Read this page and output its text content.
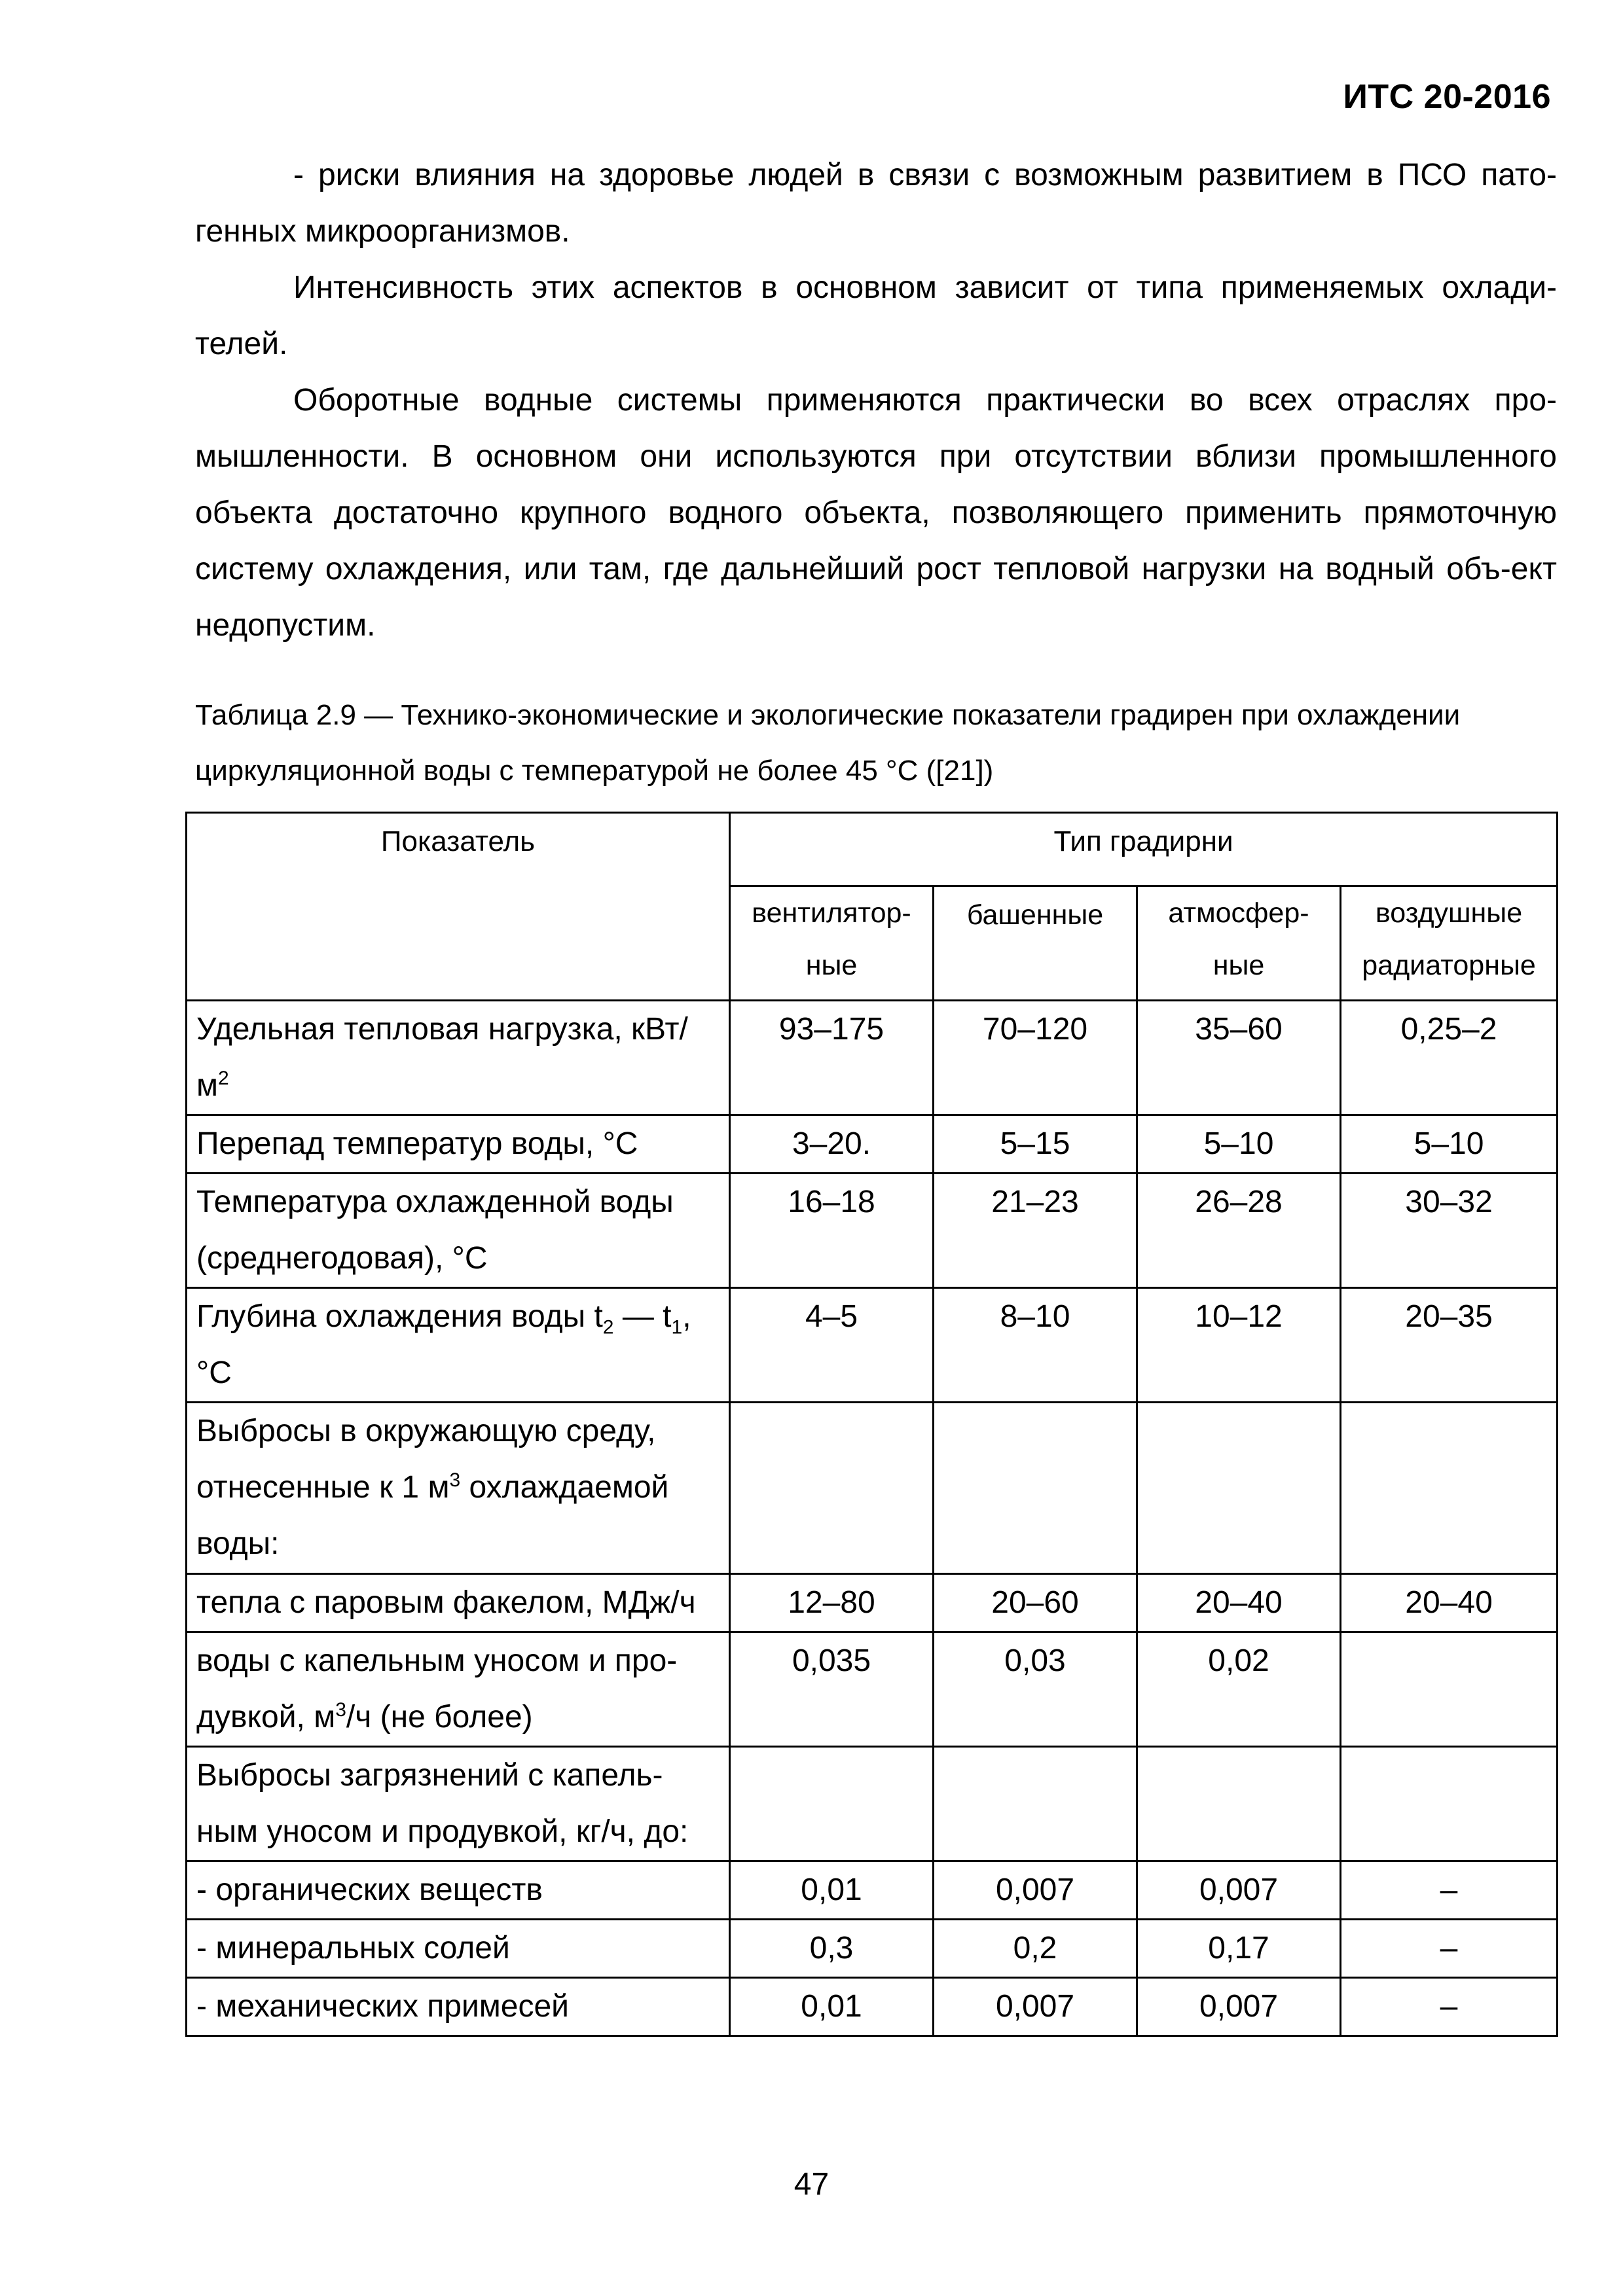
ИТС 20-2016
- риски влияния на здоровье людей в связи с возможным развитием в ПСО пато-генных микроорганизмов.
Интенсивность этих аспектов в основном зависит от типа применяемых охлади-телей.
Оборотные водные системы применяются практически во всех отраслях про-мышленности. В основном они используются при отсутствии вблизи промышленного объекта достаточно крупного водного объекта, позволяющего применить прямоточную систему охлаждения, или там, где дальнейший рост тепловой нагрузки на водный объ-ект недопустим.
Таблица 2.9 — Технико-экономические и экологические показатели градирен при охлаждении циркуляционной воды с температурой не более 45 °С ([21])
Показатель	Тип градирни			
	вентилятор-ные	башенные	атмосфер-ные	воздушные радиаторные
Удельная тепловая нагрузка, кВт/$м^2$	93–175	70–120	35–60	0,25–2
Перепад температур воды, °С	3–20.	5–15	5–10	5–10
Температура охлажденной воды (среднегодовая), °С	16–18	21–23	26–28	30–32
Глубина охлаждения воды $t_2$ — $t_1$, °С	4–5	8–10	10–12	20–35
Выбросы в окружающую среду, отнесенные к 1 $м^3$ охлаждаемой воды:				
тепла с паровым факелом, МДж/ч	12–80	20–60	20–40	20–40
воды с капельным уносом и про-дувкой, $м^3/ч$ (не более)	0,035	0,03	0,02	
Выбросы загрязнений с капель-ным уносом и продувкой, кг/ч, до:				
- органических веществ	0,01	0,007	0,007	–
- минеральных солей	0,3	0,2	0,17	–
- механических примесей	0,01	0,007	0,007	–
47
